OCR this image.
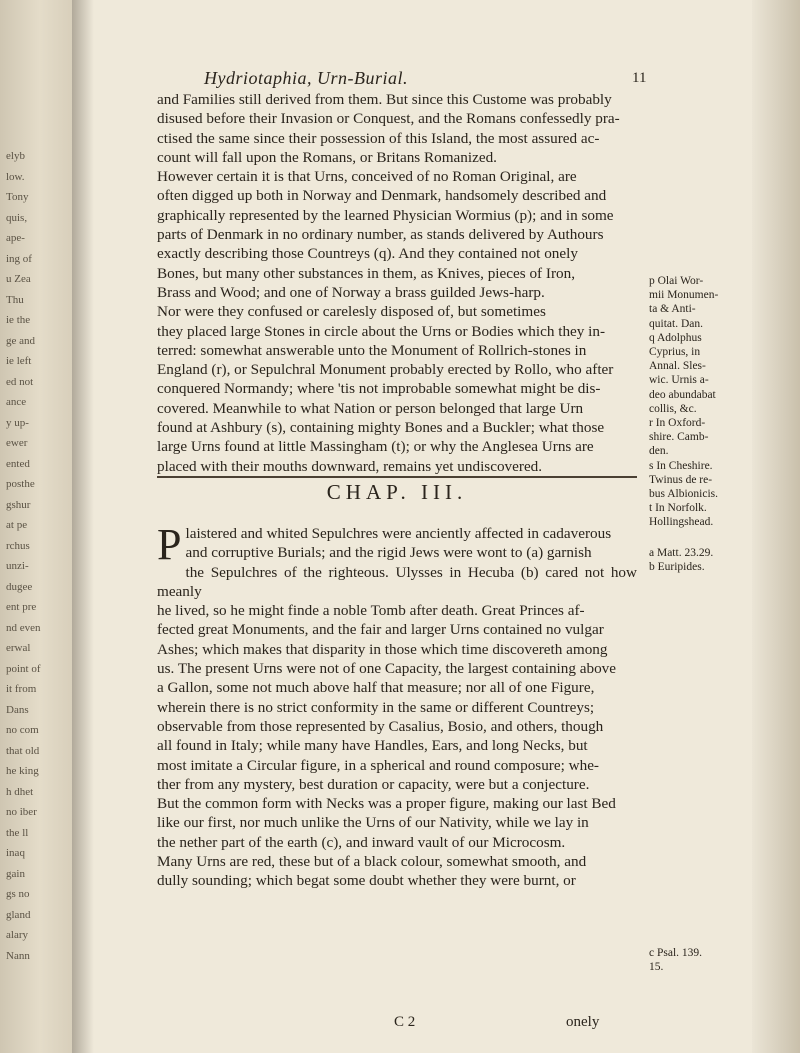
elyb
low.
Tony
quis,
ape-
ing of
u Zea
Thu
ie the
ge and
ie left
ed not
ance
y up-
ewer
ented
posthe
gshur
at pe
rchus
unzi-
dugee
ent pre
nd even
erwal
point of
it from
Dans
no com
that old
he king
h dhet
no iber
the ll
inaq
gain
gs no
gland
alary
Nann
Hydriotaphia, Urn-Burial.	11
and Families still derived from them. But since this Custome was probably
disused before their Invasion or Conquest, and the Romans confessedly pra-
ctised the same since their possession of this Island, the most assured ac-
count will fall upon the Romans, or Britans Romanized.
However certain it is that Urns, conceived of no Roman Original, are
often digged up both in Norway and Denmark, handsomely described and
graphically represented by the learned Physician Wormius (p); and in some
parts of Denmark in no ordinary number, as stands delivered by Authours
exactly describing those Countreys (q). And they contained not onely
Bones, but many other substances in them, as Knives, pieces of Iron,
Brass and Wood; and one of Norway a brass guilded Jews-harp.
Nor were they confused or carelesly disposed of, but sometimes
they placed large Stones in circle about the Urns or Bodies which they in-
terred: somewhat answerable unto the Monument of Rollrich-stones in
England (r), or Sepulchral Monument probably erected by Rollo, who after
conquered Normandy; where 'tis not improbable somewhat might be dis-
covered. Meanwhile to what Nation or person belonged that large Urn
found at Ashbury (s), containing mighty Bones and a Buckler; what those
large Urns found at little Massingham (t); or why the Anglesea Urns are
placed with their mouths downward, remains yet undiscovered.
p Olai Wor-
mii Monumen-
ta & Anti-
quitat. Dan.
q Adolphus
Cyprius, in
Annal. Sles-
wic. Urnis a-
deo abundabat
collis, &c.
r In Oxford-
shire. Camb-
den.
s In Cheshire.
Twinus de re-
bus Albionicis.
t In Norfolk.
Hollingshead.
CHAP. III.
Plaistered and whited Sepulchres were anciently affected in cadaverous
and corruptive Burials; and the rigid Jews were wont to (a) garnish
the Sepulchres of the righteous. Ulysses in Hecuba (b) cared not how meanly
he lived, so he might finde a noble Tomb after death. Great Princes af-
fected great Monuments, and the fair and larger Urns contained no vulgar
Ashes; which makes that disparity in those which time discovereth among
us. The present Urns were not of one Capacity, the largest containing above
a Gallon, some not much above half that measure; nor all of one Figure,
wherein there is no strict conformity in the same or different Countreys;
observable from those represented by Casalius, Bosio, and others, though
all found in Italy; while many have Handles, Ears, and long Necks, but
most imitate a Circular figure, in a spherical and round composure; whe-
ther from any mystery, best duration or capacity, were but a conjecture.
But the common form with Necks was a proper figure, making our last Bed
like our first, nor much unlike the Urns of our Nativity, while we lay in
the nether part of the earth (c), and inward vault of our Microcosm.
Many Urns are red, these but of a black colour, somewhat smooth, and
dully sounding; which begat some doubt whether they were burnt, or
a Matt. 23.29.
b Euripides.
c Psal. 139.
15.
C 2	onely
